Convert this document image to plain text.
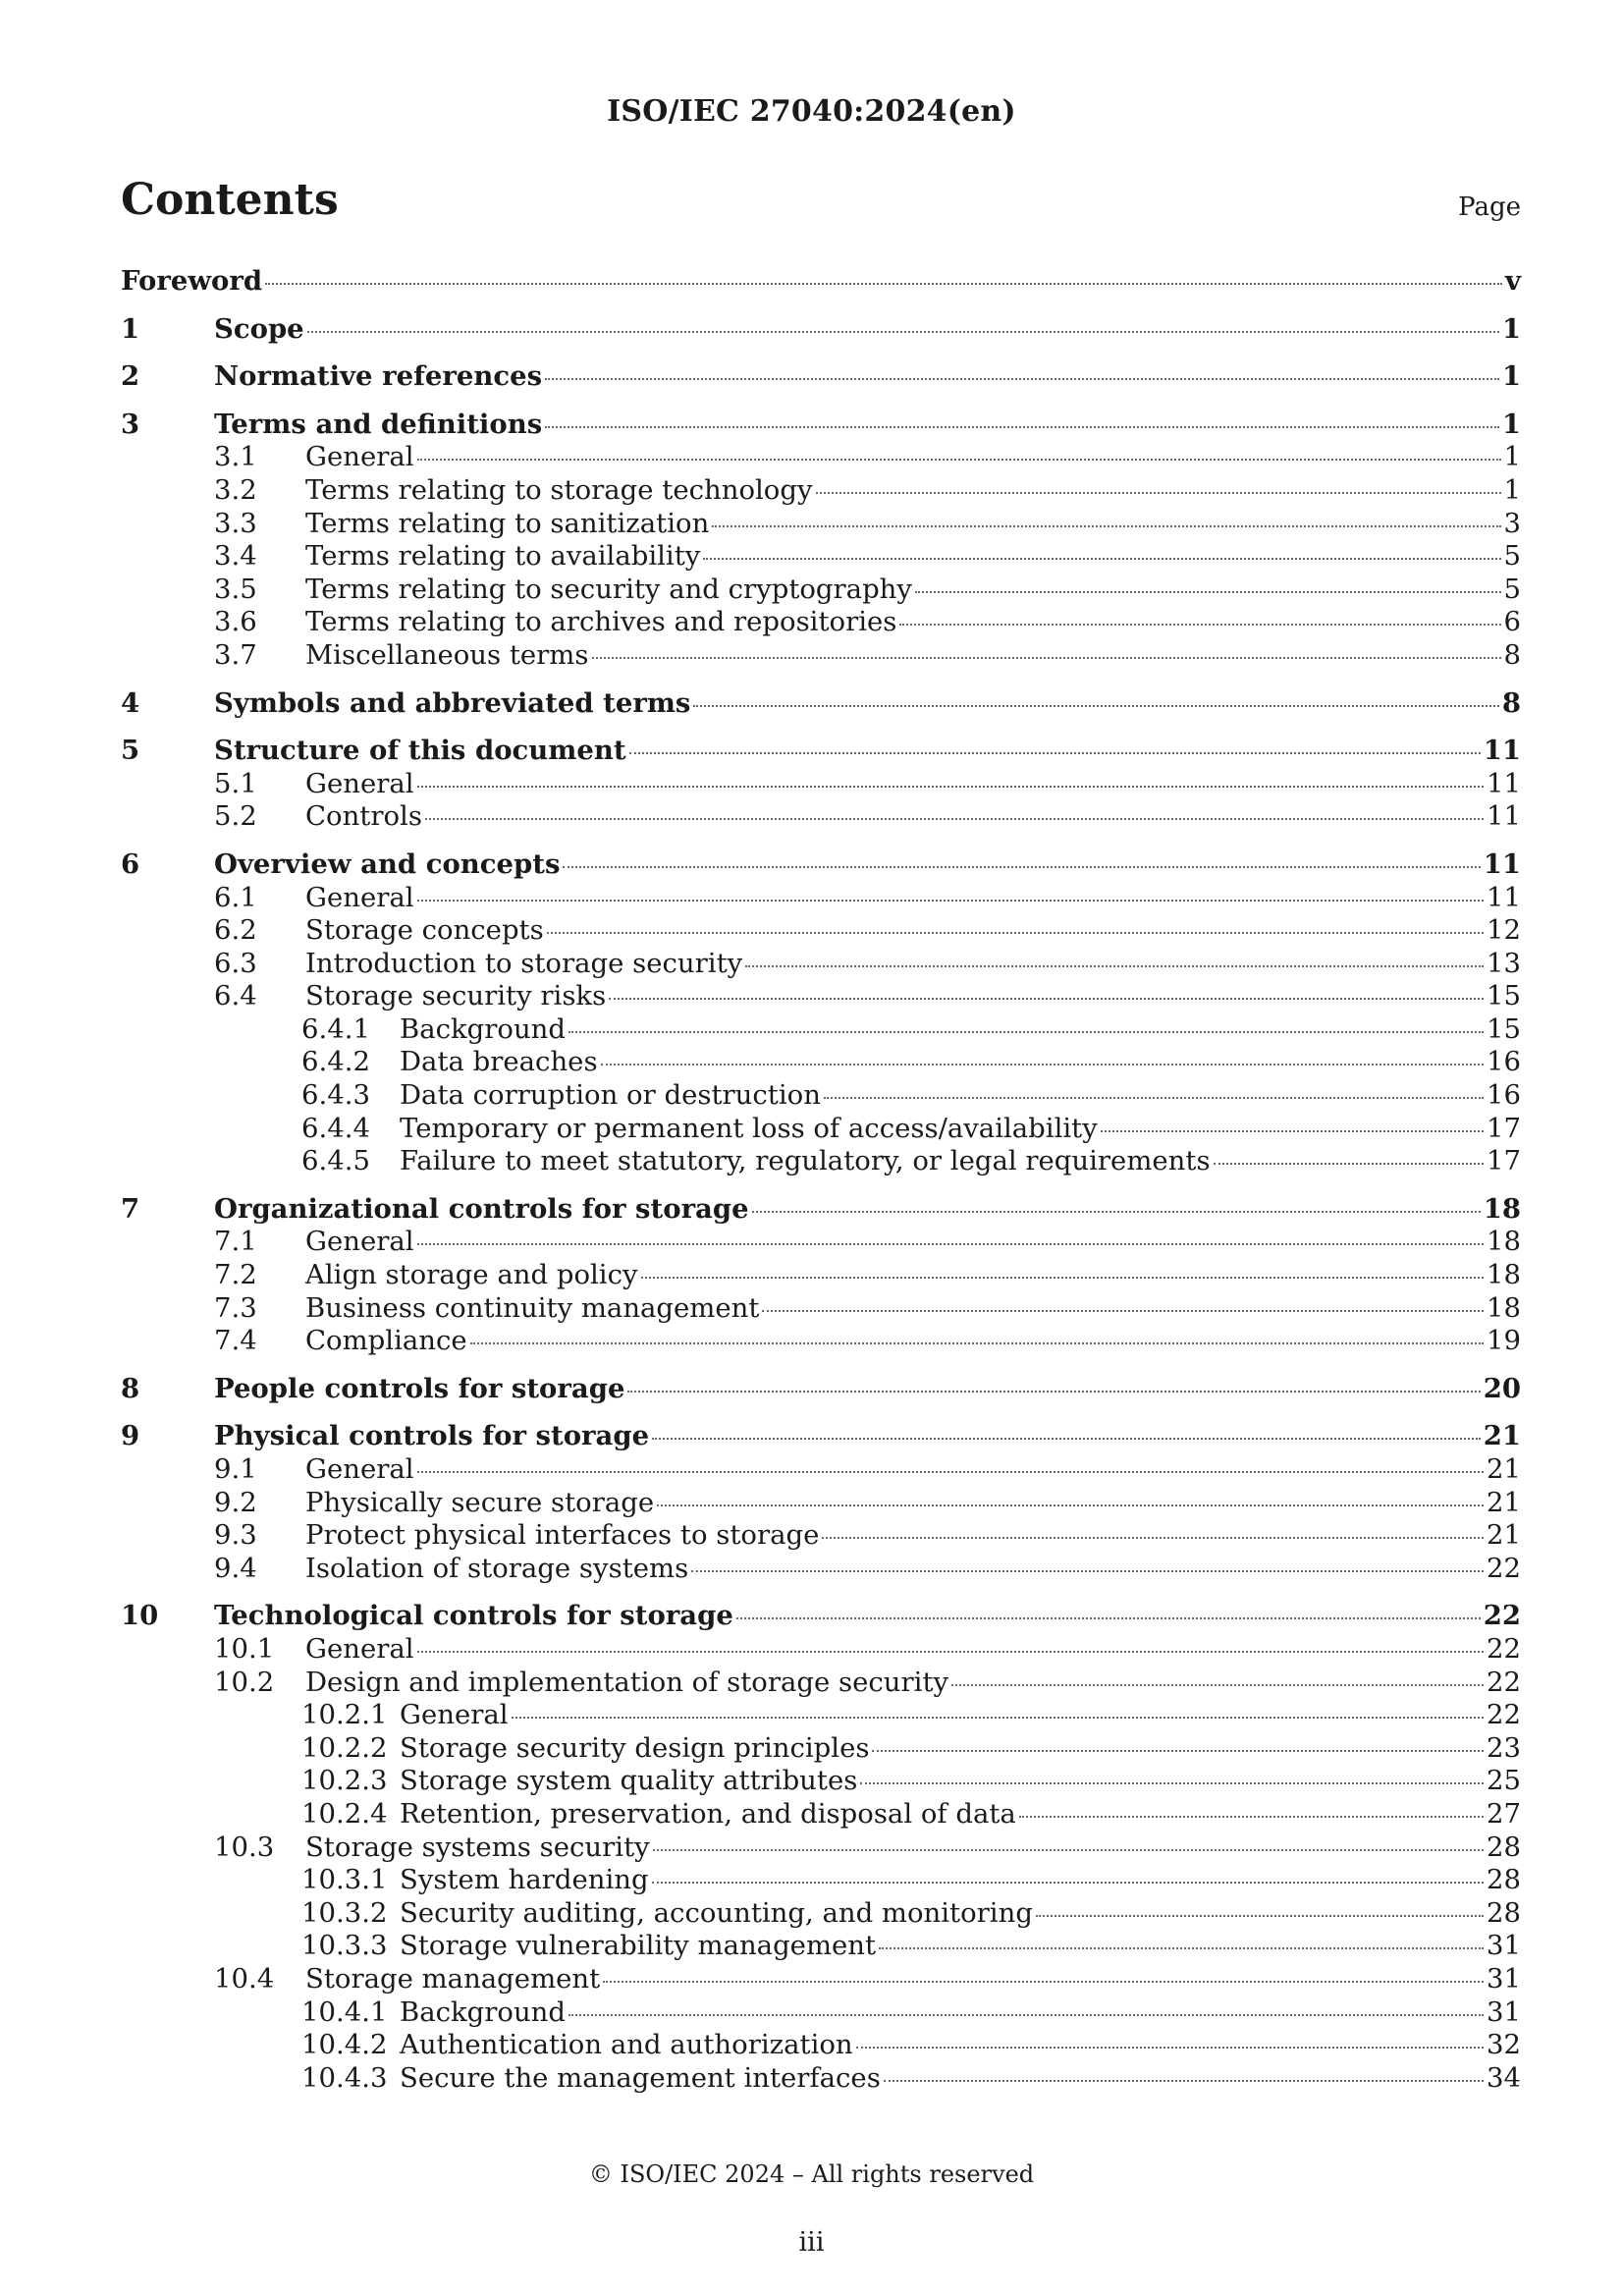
ISO/IEC 27040:2024(en)
Contents	Page
Foreword	v
1	Scope	1
2	Normative references	1
3	Terms and definitions	1
3.1	General	1
3.2	Terms relating to storage technology	1
3.3	Terms relating to sanitization	3
3.4	Terms relating to availability	5
3.5	Terms relating to security and cryptography	5
3.6	Terms relating to archives and repositories	6
3.7	Miscellaneous terms	8
4	Symbols and abbreviated terms	8
5	Structure of this document	11
5.1	General	11
5.2	Controls	11
6	Overview and concepts	11
6.1	General	11
6.2	Storage concepts	12
6.3	Introduction to storage security	13
6.4	Storage security risks	15
6.4.1	Background	15
6.4.2	Data breaches	16
6.4.3	Data corruption or destruction	16
6.4.4	Temporary or permanent loss of access/availability	17
6.4.5	Failure to meet statutory, regulatory, or legal requirements	17
7	Organizational controls for storage	18
7.1	General	18
7.2	Align storage and policy	18
7.3	Business continuity management	18
7.4	Compliance	19
8	People controls for storage	20
9	Physical controls for storage	21
9.1	General	21
9.2	Physically secure storage	21
9.3	Protect physical interfaces to storage	21
9.4	Isolation of storage systems	22
10	Technological controls for storage	22
10.1	General	22
10.2	Design and implementation of storage security	22
10.2.1 General	22
10.2.2 Storage security design principles	23
10.2.3 Storage system quality attributes	25
10.2.4 Retention, preservation, and disposal of data	27
10.3	Storage systems security	28
10.3.1 System hardening	28
10.3.2 Security auditing, accounting, and monitoring	28
10.3.3 Storage vulnerability management	31
10.4	Storage management	31
10.4.1 Background	31
10.4.2 Authentication and authorization	32
10.4.3 Secure the management interfaces	34
© ISO/IEC 2024 – All rights reserved
iii
